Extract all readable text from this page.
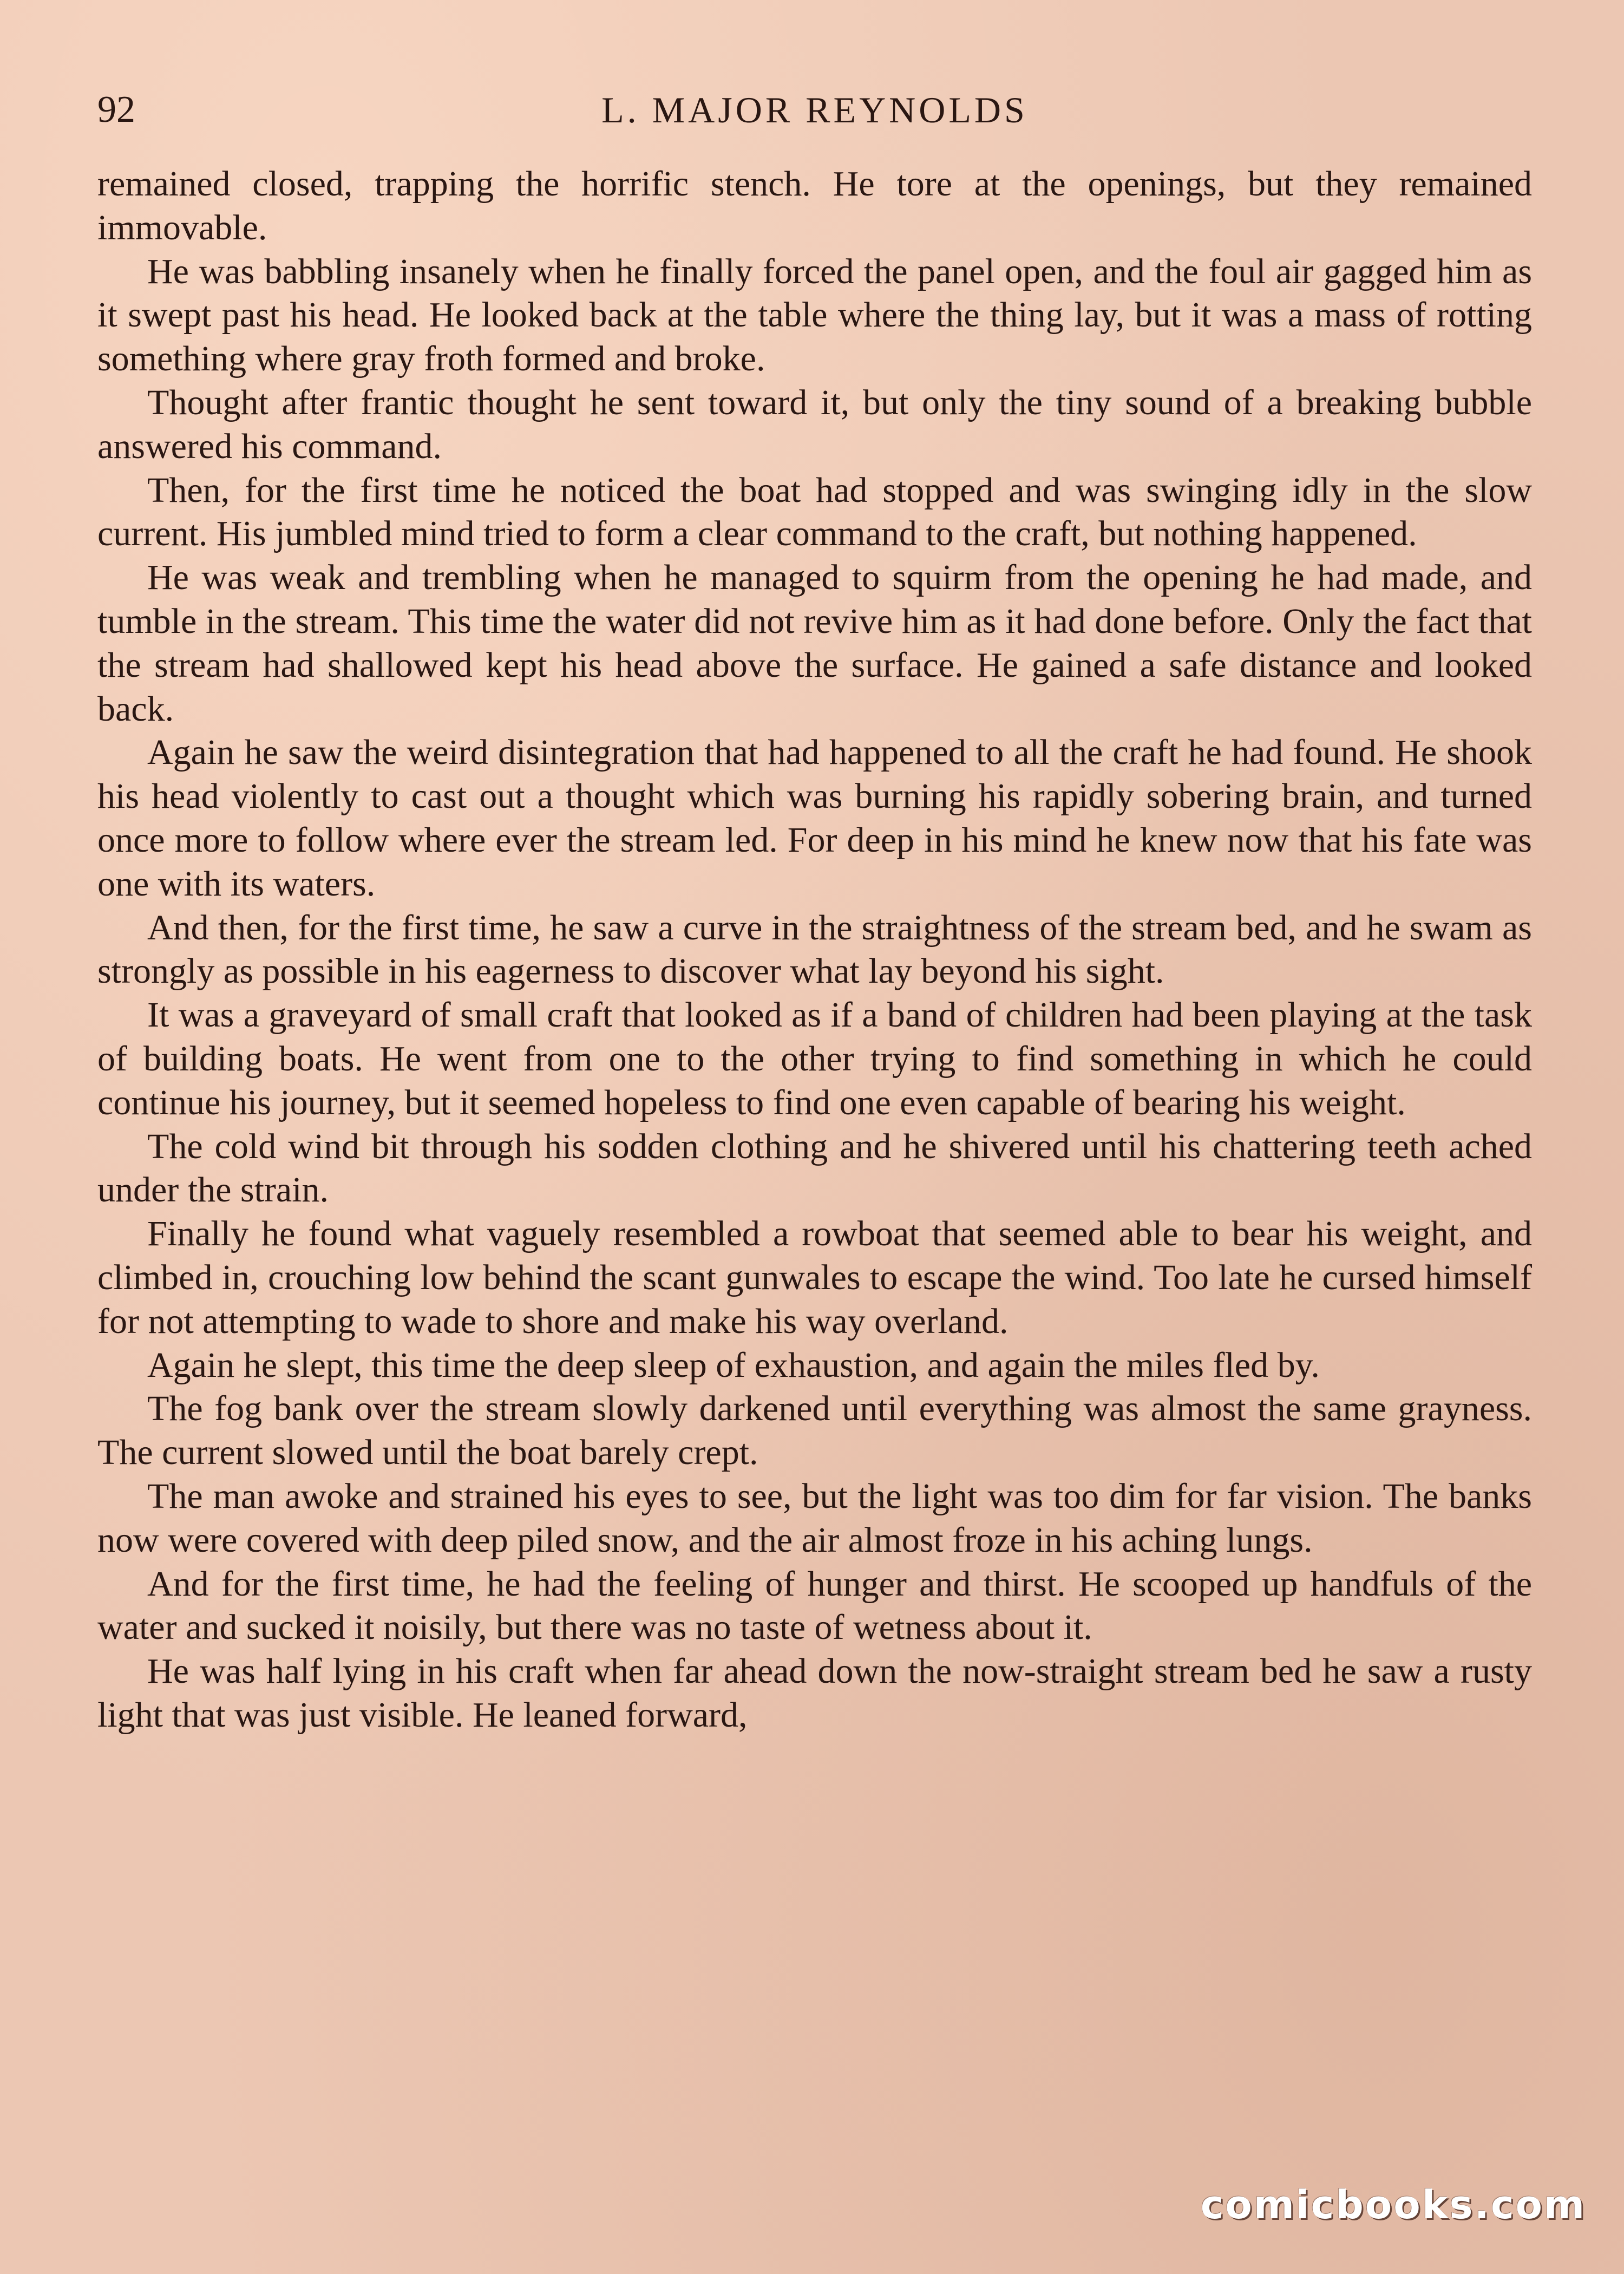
92	L. MAJOR REYNOLDS

remained closed, trapping the horrific stench. He tore at the openings, but they remained immovable.

He was babbling insanely when he finally forced the panel open, and the foul air gagged him as it swept past his head. He looked back at the table where the thing lay, but it was a mass of rotting something where gray froth formed and broke.

Thought after frantic thought he sent toward it, but only the tiny sound of a breaking bubble answered his command.

Then, for the first time he noticed the boat had stopped and was swinging idly in the slow current. His jumbled mind tried to form a clear command to the craft, but nothing happened.

He was weak and trembling when he managed to squirm from the opening he had made, and tumble in the stream. This time the water did not revive him as it had done before. Only the fact that the stream had shallowed kept his head above the surface. He gained a safe distance and looked back.

Again he saw the weird disintegration that had happened to all the craft he had found. He shook his head violently to cast out a thought which was burning his rapidly sobering brain, and turned once more to follow where ever the stream led. For deep in his mind he knew now that his fate was one with its waters.

And then, for the first time, he saw a curve in the straightness of the stream bed, and he swam as strongly as possible in his eagerness to discover what lay beyond his sight.

It was a graveyard of small craft that looked as if a band of children had been playing at the task of building boats. He went from one to the other trying to find something in which he could continue his journey, but it seemed hopeless to find one even capable of bearing his weight.

The cold wind bit through his sodden clothing and he shivered until his chattering teeth ached under the strain.

Finally he found what vaguely resembled a rowboat that seemed able to bear his weight, and climbed in, crouching low behind the scant gunwales to escape the wind. Too late he cursed himself for not attempting to wade to shore and make his way overland.

Again he slept, this time the deep sleep of exhaustion, and again the miles fled by.

The fog bank over the stream slowly darkened until everything was almost the same grayness. The current slowed until the boat barely crept.

The man awoke and strained his eyes to see, but the light was too dim for far vision. The banks now were covered with deep piled snow, and the air almost froze in his aching lungs.

And for the first time, he had the feeling of hunger and thirst. He scooped up handfuls of the water and sucked it noisily, but there was no taste of wetness about it.

He was half lying in his craft when far ahead down the now-straight stream bed he saw a rusty light that was just visible. He leaned forward,

comicbooks.com
